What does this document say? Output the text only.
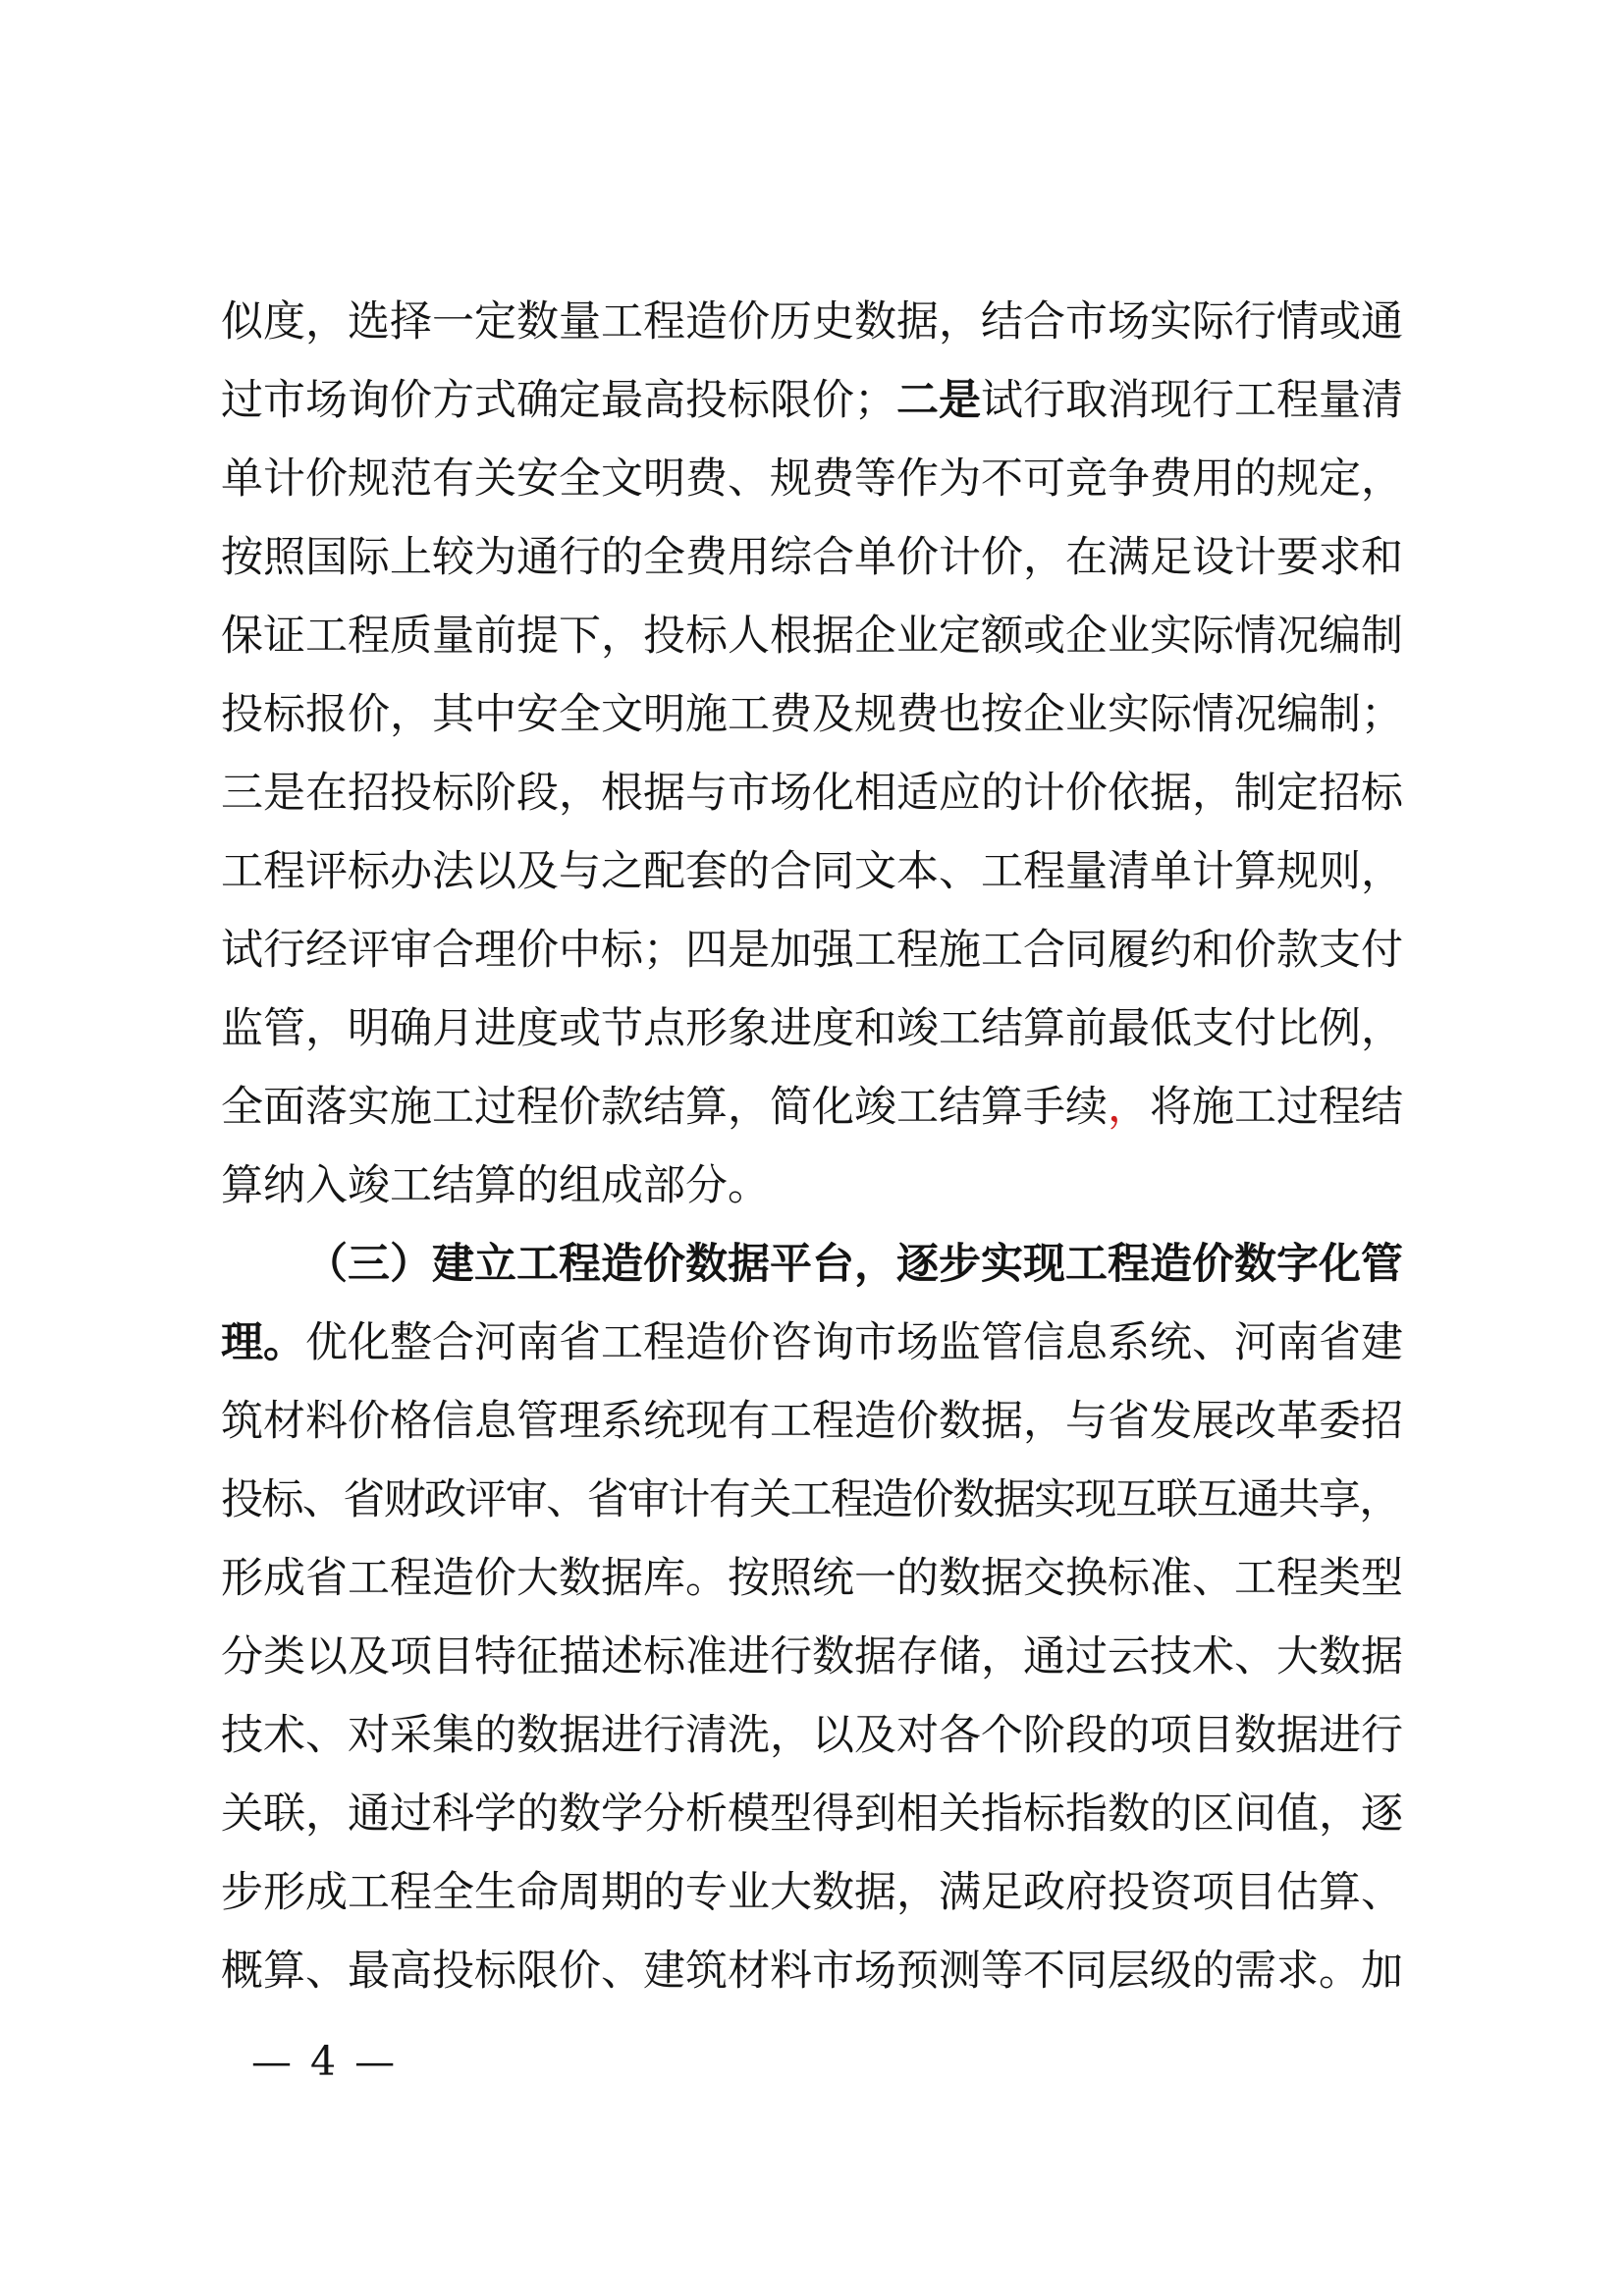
似度，选择一定数量工程造价历史数据，结合市场实际行情或通
过市场询价方式确定最高投标限价；二是试行取消现行工程量清
单计价规范有关安全文明费、规费等作为不可竞争费用的规定，
按照国际上较为通行的全费用综合单价计价，在满足设计要求和
保证工程质量前提下，投标人根据企业定额或企业实际情况编制
投标报价，其中安全文明施工费及规费也按企业实际情况编制；
三是在招投标阶段，根据与市场化相适应的计价依据，制定招标
工程评标办法以及与之配套的合同文本、工程量清单计算规则，
试行经评审合理价中标；四是加强工程施工合同履约和价款支付
监管，明确月进度或节点形象进度和竣工结算前最低支付比例，
全面落实施工过程价款结算，简化竣工结算手续，将施工过程结
算纳入竣工结算的组成部分。
（三）建立工程造价数据平台，逐步实现工程造价数字化管
理。优化整合河南省工程造价咨询市场监管信息系统、河南省建
筑材料价格信息管理系统现有工程造价数据，与省发展改革委招
投标、省财政评审、省审计有关工程造价数据实现互联互通共享，
形成省工程造价大数据库。按照统一的数据交换标准、工程类型
分类以及项目特征描述标准进行数据存储，通过云技术、大数据
技术、对采集的数据进行清洗，以及对各个阶段的项目数据进行
关联，通过科学的数学分析模型得到相关指标指数的区间值，逐
步形成工程全生命周期的专业大数据，满足政府投资项目估算、
概算、最高投标限价、建筑材料市场预测等不同层级的需求。加
— 4 —
